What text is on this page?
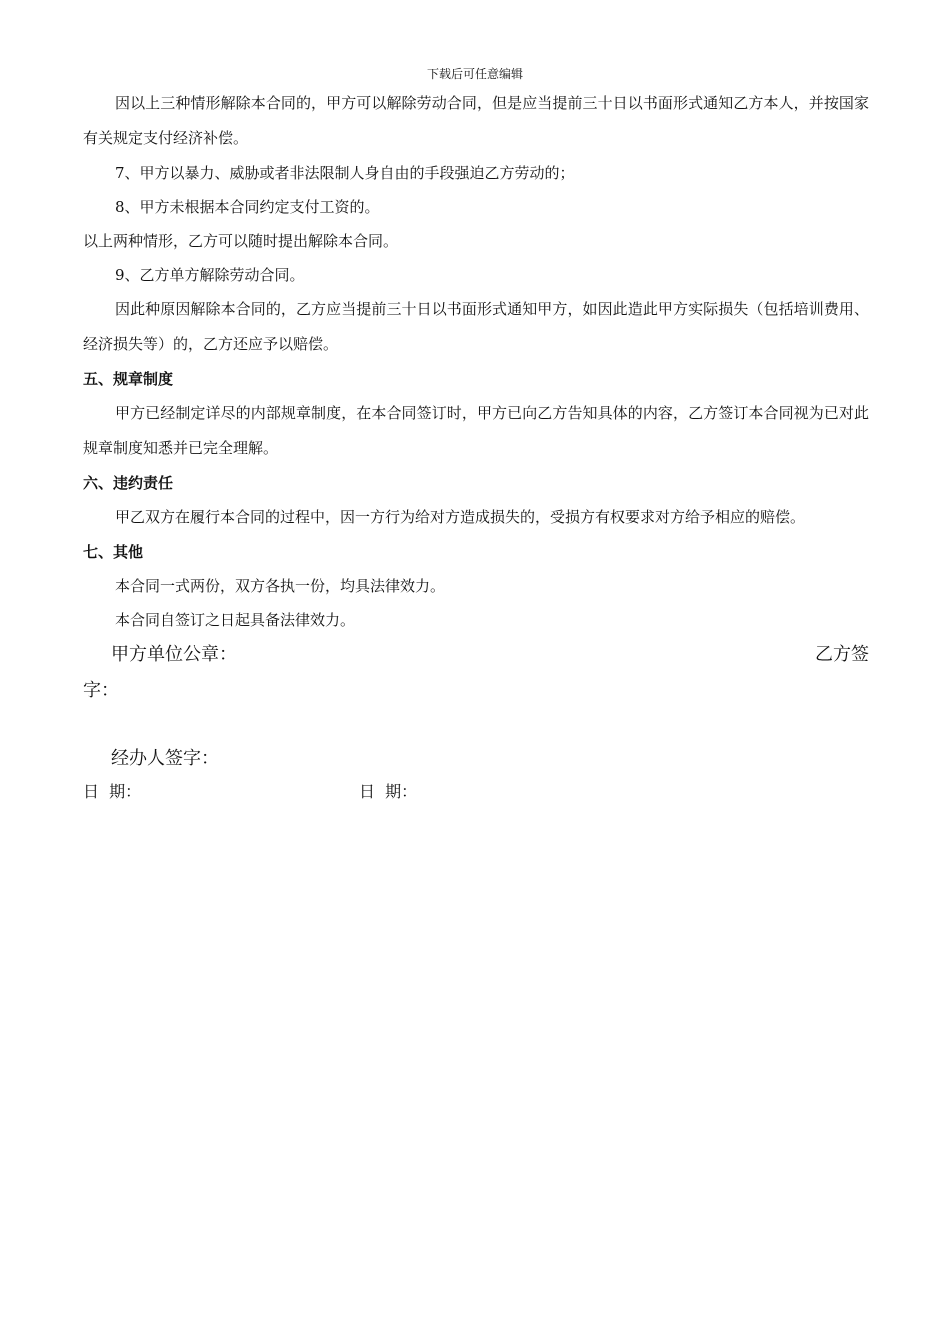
下载后可任意编辑

因以上三种情形解除本合同的，甲方可以解除劳动合同，但是应当提前三十日以书面形式通知乙方本人，并按国家有关规定支付经济补偿。

7、甲方以暴力、威胁或者非法限制人身自由的手段强迫乙方劳动的；

8、甲方未根据本合同约定支付工资的。

以上两种情形，乙方可以随时提出解除本合同。

9、乙方单方解除劳动合同。

因此种原因解除本合同的，乙方应当提前三十日以书面形式通知甲方，如因此造此甲方实际损失（包括培训费用、经济损失等）的，乙方还应予以赔偿。

五、规章制度

甲方已经制定详尽的内部规章制度，在本合同签订时，甲方已向乙方告知具体的内容，乙方签订本合同视为已对此规章制度知悉并已完全理解。

六、违约责任

甲乙双方在履行本合同的过程中，因一方行为给对方造成损失的，受损方有权要求对方给予相应的赔偿。

七、其他

本合同一式两份，双方各执一份，均具法律效力。

本合同自签订之日起具备法律效力。

甲方单位公章：	乙方签
字：
经办人签字：
日  期：	日  期：
